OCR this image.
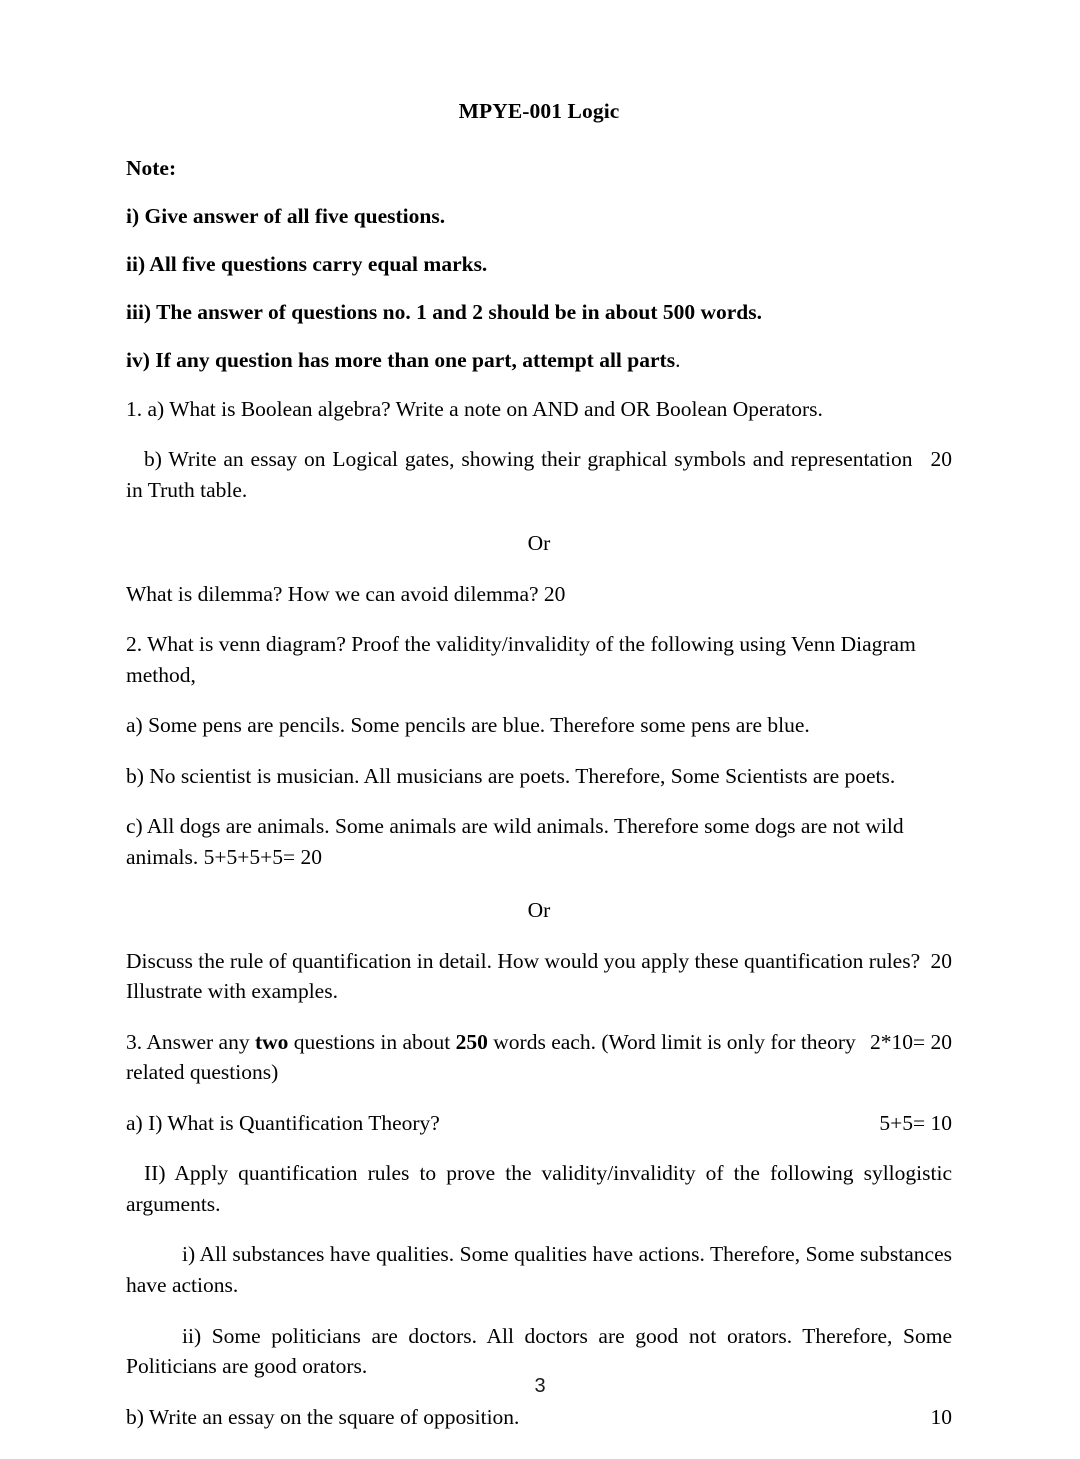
MPYE-001 Logic

Note:

i) Give answer of all five questions.

ii) All five questions carry equal marks.

iii) The answer of questions no. 1 and 2 should be in about 500 words.

iv) If any question has more than one part, attempt all parts.

1. a) What is Boolean algebra? Write a note on AND and OR Boolean Operators.

20
b) Write an essay on Logical gates, showing their graphical symbols and representation in Truth table.

Or

What is dilemma? How we can avoid dilemma? 20

2. What is venn diagram? Proof the validity/invalidity of the following using Venn Diagram method,

a) Some pens are pencils. Some pencils are blue. Therefore some pens are blue.

b) No scientist is musician. All musicians are poets. Therefore, Some Scientists are poets.

c) All dogs are animals. Some animals are wild animals. Therefore some dogs are not wild animals. 5+5+5+5= 20

Or

20
Discuss the rule of quantification in detail. How would you apply these quantification rules? Illustrate with examples.

2*10= 20
3. Answer any two questions in about 250 words each. (Word limit is only for theory related questions)

a) I) What is Quantification Theory?	5+5= 10

II) Apply quantification rules to prove the validity/invalidity of the following syllogistic arguments.

i) All substances have qualities. Some qualities have actions. Therefore, Some substances have actions.

ii) Some politicians are doctors. All doctors are good not orators. Therefore, Some Politicians are good orators.

b) Write an essay on the square of opposition.	10
3
